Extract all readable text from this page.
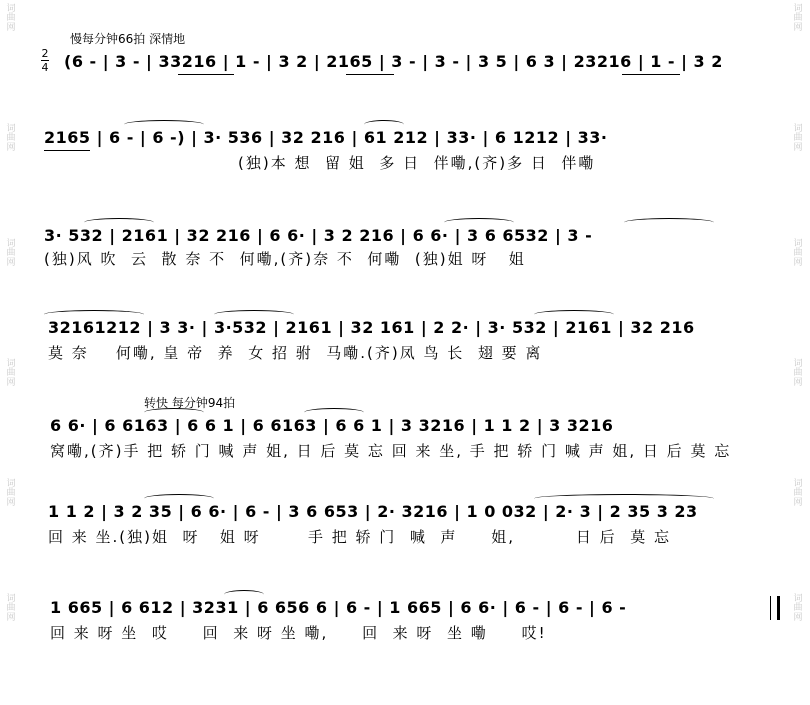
词
曲
网
词
曲
网
词
曲
网
词
曲
网
词
曲
网
词
曲
网
词
曲
网
词
曲
网
词
曲
网
词
曲
网
词
曲
网
词
曲
网
慢每分钟66拍 深情地
2
4
转快 每分钟94拍
(6 - | 3 - | 33216 | 1 - | 3 2 | 2165 | 3 - | 3 - | 3 5 | 6 3 | 23216 | 1 - | 3 2
2165 | 6 - | 6 -) | 3· 536 | 32 216 | 61 212 | 33· | 6 1212 | 33·
(独)本 想  留 姐  多 日  伴嘞,(齐)多 日  伴嘞
3· 532 | 2161 | 32 216 | 6 6· | 3 2 216 | 6 6· | 3 6 6532 | 3 -
(独)风 吹  云  散 奈 不  何嘞,(齐)奈 不  何嘞  (独)姐 呀   姐
32161212 | 3 3· | 3·532 | 2161 | 32 161 | 2 2· | 3· 532 | 2161 | 32 216
莫 奈    何嘞, 皇 帝  养  女 招 驸  马嘞.(齐)凤 鸟 长  翅 要 离
6 6· | 6 6163 | 6 6 1 | 6 6163 | 6 6 1 | 3 3216 | 1 1 2 | 3 3216
窝嘞,(齐)手 把 轿 门 喊 声 姐, 日 后 莫 忘 回 来 坐, 手 把 轿 门 喊 声 姐, 日 后 莫 忘
1 1 2 | 3 2 35 | 6 6· | 6 - | 3 6 653 | 2· 3216 | 1 0 032 | 2· 3 | 2 35 3 23
回 来 坐.(独)姐  呀   姐 呀       手 把 轿 门  喊  声     姐,         日 后  莫 忘
1 665 | 6 612 | 3231 | 6 656 6 | 6 - | 1 665 | 6 6· | 6 - | 6 - | 6 -
回 来 呀 坐  哎     回  来 呀 坐 嘞,     回  来 呀  坐 嘞     哎!
